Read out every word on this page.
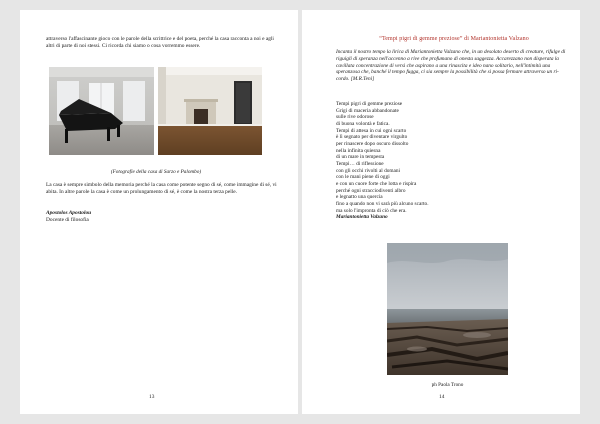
attraverso l'affascinante gioco con le parole della scrittrice e del poeta, perché la casa racconta a noi e agli altri di parte di noi stessi. Ci ricorda chi siamo o cosa vorremmo essere.
(Fotografie della casa di Sarzo e Palombo)
La casa è sempre simbolo della memoria perché la casa come potente segno di sé, come immagine di sé, vi abita. In altre parole la casa è come un prolungamento di sé, è come la nostra terza pelle.
Apostolos Apostolou
Docente di filosofia
13
“Tempi pigri di gemme preziose” di Mariantonietta Valzano
Incanta il nostro tempo la lirica di Mariantonietta Valzano che, in un desolato deserto di creature, rifulge di riguigli di speranza nell'accenno a rive che profumano di onesta saggezza. Accarezzano non disperata la cavillata concentrazione di versi che aspirano a una rinascita e ideo nano solitario, nell'intimità una speranzosa che, banché il tempo fugga, ci sia sempre la possibilità che si possa fermare attraverso un ri-cordo. [M.R.Teni]
Tempi pigri di gemme preziose
Grigi di maceria abbandonate
sulle rive odorose
di buona volontà e fatica.
Tempi di attesa in cui ogni scarto
è lì segnato per diventare virgulto
per rinascere dopo oscuro dissolto
nella infinita quiesna
di un mare in tempesta
Tempi… di riflessione
con gli occhi rivolti al domani
con le mani piene di oggi
e con un cuore forte che lotta e rispira
perché ogni stracciodiventi albro
e legnatto una quercia
fino a quando non vi sarà più alcuno scarto.
ma solo l'impronta di ciò che era.
Mariantonietta Valzano
ph Paola Trono
14
